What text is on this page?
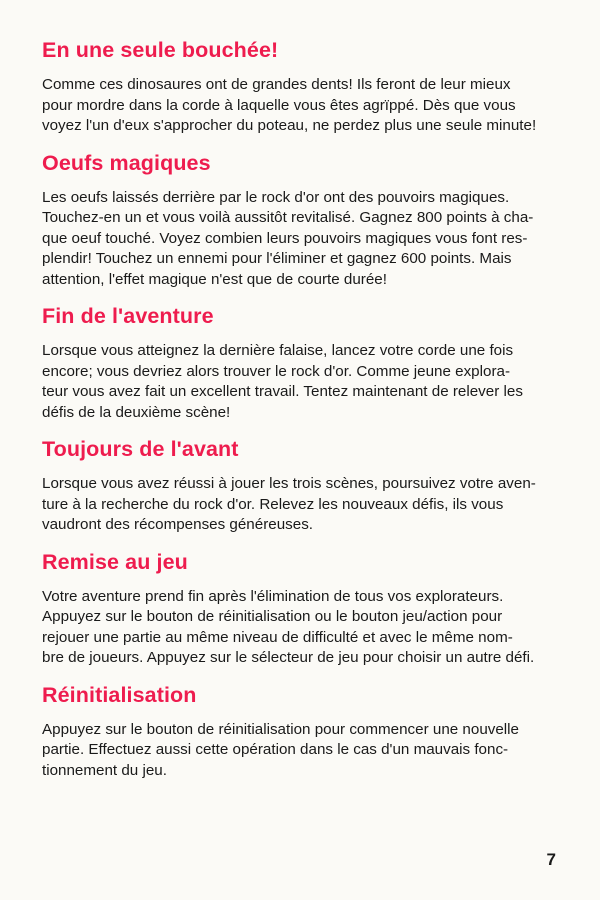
En une seule bouchée!

Comme ces dinosaures ont de grandes dents! Ils feront de leur mieux
pour mordre dans la corde à laquelle vous êtes agrïppé. Dès que vous
voyez l'un d'eux s'approcher du poteau, ne perdez plus une seule minute!

Oeufs magiques

Les oeufs laissés derrière par le rock d'or ont des pouvoirs magiques.
Touchez-en un et vous voilà aussitôt revitalisé. Gagnez 800 points à cha-
que oeuf touché. Voyez combien leurs pouvoirs magiques vous font res-
plendir! Touchez un ennemi pour l'éliminer et gagnez 600 points. Mais
attention, l'effet magique n'est que de courte durée!

Fin de l'aventure

Lorsque vous atteignez la dernière falaise, lancez votre corde une fois
encore; vous devriez alors trouver le rock d'or. Comme jeune explora-
teur vous avez fait un excellent travail. Tentez maintenant de relever les
défis de la deuxième scène!

Toujours de l'avant

Lorsque vous avez réussi à jouer les trois scènes, poursuivez votre aven-
ture à la recherche du rock d'or. Relevez les nouveaux défis, ils vous
vaudront des récompenses généreuses.

Remise au jeu

Votre aventure prend fin après l'élimination de tous vos explorateurs.
Appuyez sur le bouton de réinitialisation ou le bouton jeu/action pour
rejouer une partie au même niveau de difficulté et avec le même nom-
bre de joueurs. Appuyez sur le sélecteur de jeu pour choisir un autre défi.

Réinitialisation

Appuyez sur le bouton de réinitialisation pour commencer une nouvelle
partie. Effectuez aussi cette opération dans le cas d'un mauvais fonc-
tionnement du jeu.

7
